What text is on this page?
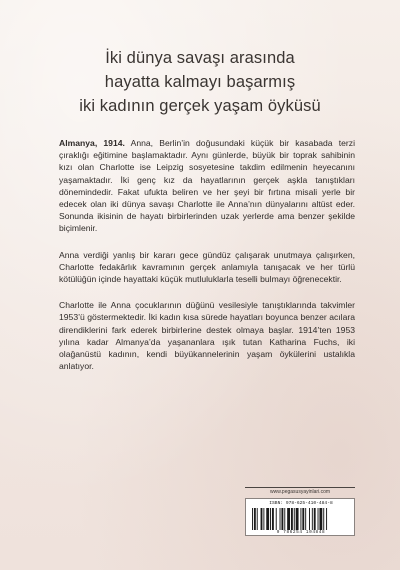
İki dünya savaşı arasında
hayatta kalmayı başarmış
iki kadının gerçek yaşam öyküsü

Almanya, 1914. Anna, Berlin’in doğusundaki küçük bir kasabada terzi çıraklığı eğitimine başlamaktadır. Aynı günlerde, büyük bir toprak sahibinin kızı olan Charlotte ise Leipzig sosyetesine takdim edilmenin heyecanını yaşamaktadır. İki genç kız da hayatlarının gerçek aşkla tanıştıkları dönemindedir. Fakat ufukta beliren ve her şeyi bir fırtına misali yerle bir edecek olan iki dünya savaşı Charlotte ile Anna’nın dünyalarını altüst eder. Sonunda ikisinin de hayatı birbirlerinden uzak yerlerde ama benzer şekilde biçimlenir.

Anna verdiği yanlış bir kararı gece gündüz çalışarak unutmaya çalışırken, Charlotte fedakârlık kavramının gerçek anlamıyla tanışacak ve her türlü kötülüğün içinde hayattaki küçük mutluluklarla teselli bulmayı öğrenecektir.

Charlotte ile Anna çocuklarının düğünü vesilesiyle tanıştıklarında takvimler 1953’ü göstermektedir. İki kadın kısa sürede hayatları boyunca benzer acılara direndiklerini fark ederek birbirlerine destek olmaya başlar. 1914’ten 1953 yılına kadar Almanya’da yaşananlara ışık tutan Katharina Fuchs, iki olağanüstü kadının, kendi büyükannelerinin yaşam öykülerini ustalıkla anlatıyor.

www.pegasusyayinlari.com
ISBN: 978-625-410-484-8
9 786254 104848
